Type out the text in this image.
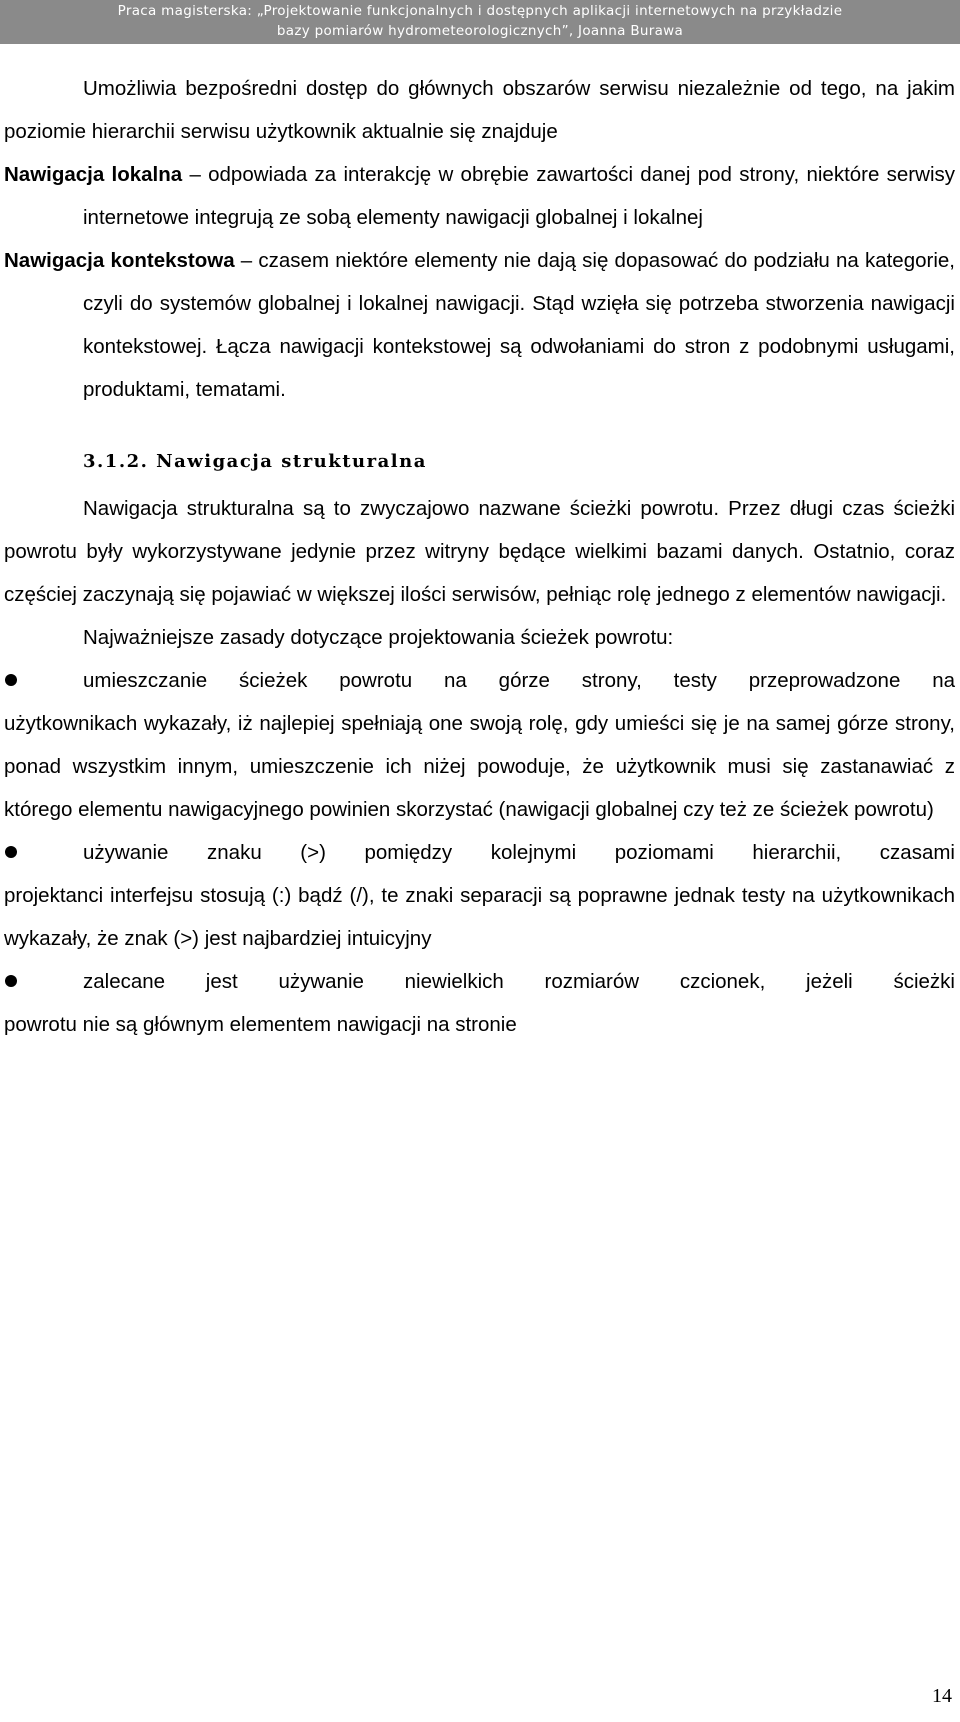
Praca magisterska: „Projektowanie funkcjonalnych i dostępnych aplikacji internetowych na przykładzie
bazy pomiarów hydrometeorologicznych”, Joanna Burawa

Umożliwia bezpośredni dostęp do głównych obszarów serwisu niezależnie od tego, na jakim poziomie hierarchii serwisu użytkownik aktualnie się znajduje

Nawigacja lokalna – odpowiada za interakcję w obrębie zawartości danej pod strony, niektóre serwisy internetowe integrują ze sobą elementy nawigacji globalnej i lokalnej

Nawigacja kontekstowa – czasem niektóre elementy nie dają się dopasować do podziału na kategorie, czyli do systemów globalnej i lokalnej nawigacji. Stąd wzięła się potrzeba stworzenia nawigacji kontekstowej. Łącza nawigacji kontekstowej są odwołaniami do stron z podobnymi usługami, produktami, tematami.

3.1.2. Nawigacja strukturalna

Nawigacja strukturalna są to zwyczajowo nazwane ścieżki powrotu. Przez długi czas ścieżki powrotu były wykorzystywane jedynie przez witryny będące wielkimi bazami danych. Ostatnio, coraz częściej zaczynają się pojawiać w większej ilości serwisów, pełniąc rolę jednego z elementów nawigacji.

Najważniejsze zasady dotyczące projektowania ścieżek powrotu:

umieszczanie ścieżek powrotu na górze strony, testy przeprowadzone na
użytkownikach wykazały, iż najlepiej spełniają one swoją rolę, gdy umieści się je na samej górze strony, ponad wszystkim innym, umieszczenie ich niżej powoduje, że użytkownik musi się zastanawiać z którego elementu nawigacyjnego powinien skorzystać (nawigacji globalnej czy też ze ścieżek powrotu)
używanie znaku (>) pomiędzy kolejnymi poziomami hierarchii, czasami
projektanci interfejsu stosują (:) bądź (/), te znaki separacji są poprawne jednak testy na użytkownikach wykazały, że znak (>) jest najbardziej intuicyjny
zalecane jest używanie niewielkich rozmiarów czcionek, jeżeli ścieżki
powrotu nie są głównym elementem nawigacji na stronie
14
